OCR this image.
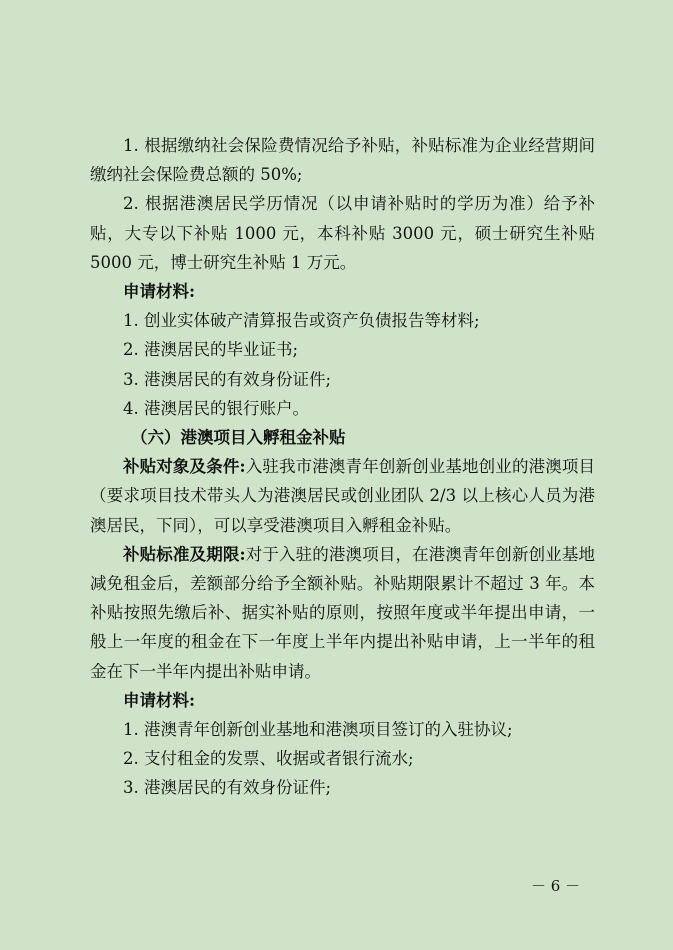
1. 根据缴纳社会保险费情况给予补贴，补贴标准为企业经营期间缴纳社会保险费总额的 50%;

2. 根据港澳居民学历情况（以申请补贴时的学历为准）给予补贴，大专以下补贴 1000 元，本科补贴 3000 元，硕士研究生补贴 5000 元，博士研究生补贴 1 万元。

申请材料:

1. 创业实体破产清算报告或资产负债报告等材料;

2. 港澳居民的毕业证书;

3. 港澳居民的有效身份证件;

4. 港澳居民的银行账户。

（六）港澳项目入孵租金补贴

补贴对象及条件:入驻我市港澳青年创新创业基地创业的港澳项目（要求项目技术带头人为港澳居民或创业团队 2/3 以上核心人员为港澳居民，下同），可以享受港澳项目入孵租金补贴。

补贴标准及期限:对于入驻的港澳项目，在港澳青年创新创业基地减免租金后，差额部分给予全额补贴。补贴期限累计不超过 3 年。本补贴按照先缴后补、据实补贴的原则，按照年度或半年提出申请，一般上一年度的租金在下一年度上半年内提出补贴申请，上一半年的租金在下一半年内提出补贴申请。

申请材料:

1. 港澳青年创新创业基地和港澳项目签订的入驻协议;

2. 支付租金的发票、收据或者银行流水;

3. 港澳居民的有效身份证件;

－ 6 －
